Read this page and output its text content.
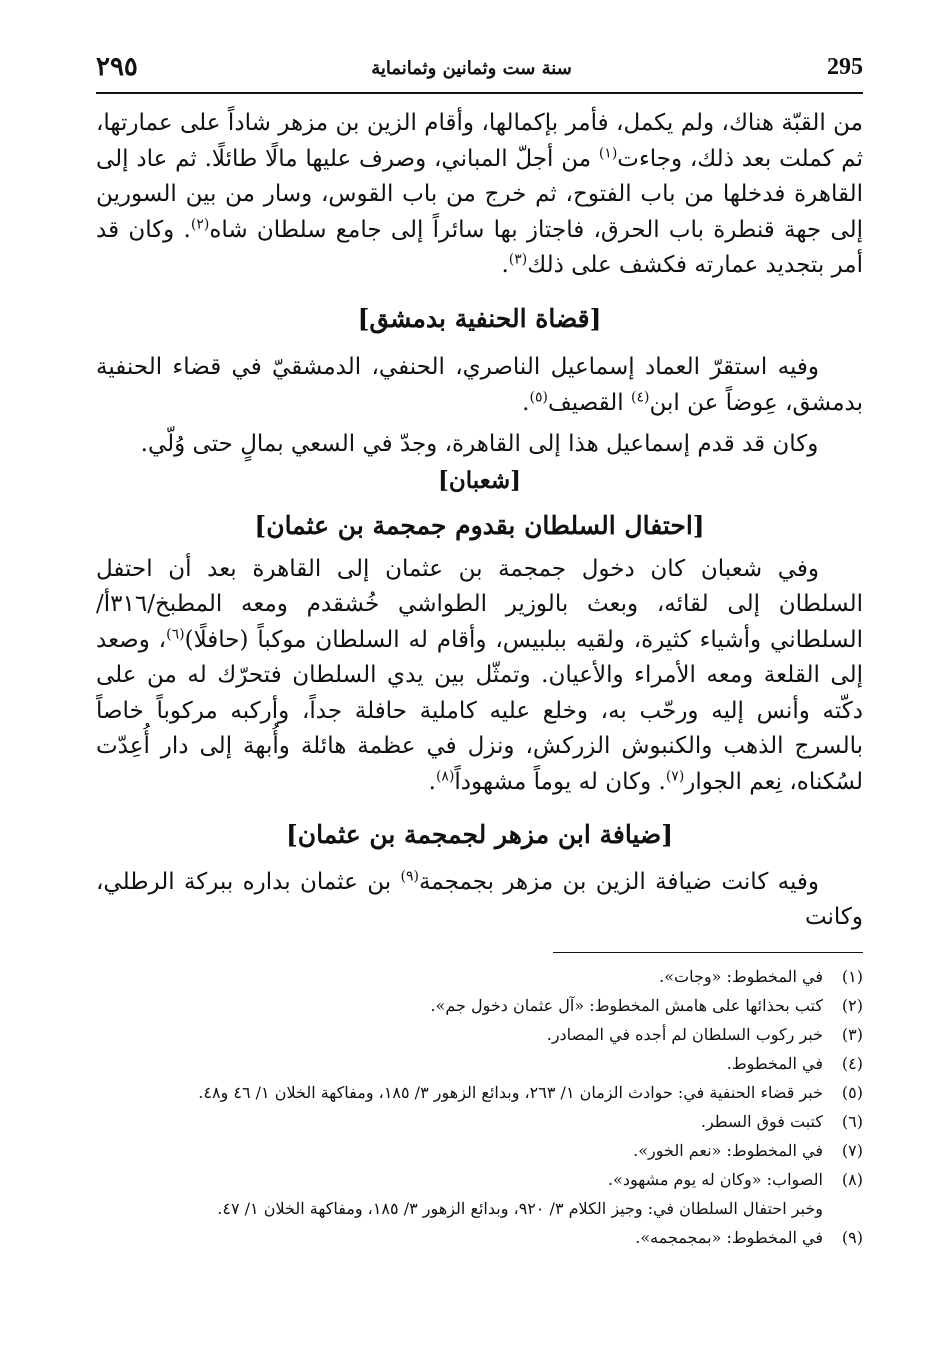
٢٩٥	سنة ست وثمانين وثمانماية	295

من القبّة هناك، ولم يكمل، فأمر بإكمالها، وأقام الزين بن مزهر شاداً على عمارتها، ثم كملت بعد ذلك، وجاءت$^{(١)}$ من أجلّ المباني، وصرف عليها مالًا طائلًا. ثم عاد إلى القاهرة فدخلها من باب الفتوح، ثم خرج من باب القوس، وسار من بين السورين إلى جهة قنطرة باب الحرق، فاجتاز بها سائراً إلى جامع سلطان شاه$^{(٢)}$. وكان قد أمر بتجديد عمارته فكشف على ذلك$^{(٣)}$.

[قضاة الحنفية بدمشق]

وفيه استقرّ العماد إسماعيل الناصري، الحنفي، الدمشقيّ في قضاء الحنفية بدمشق، عِوضاً عن ابن$^{(٤)}$ القصيف$^{(٥)}$.

وكان قد قدم إسماعيل هذا إلى القاهرة، وجدّ في السعي بمالٍ حتى وُلّي.

[شعبان]
[احتفال السلطان بقدوم جمجمة بن عثمان]

وفي شعبان كان دخول جمجمة بن عثمان إلى القاهرة بعد أن احتفل السلطان إلى لقائه، وبعث بالوزير الطواشي خُشقدم ومعه المطبخ/٣١٦أ/السلطاني وأشياء كثيرة، ولقيه ببلبيس، وأقام له السلطان موكباً (حافلًا)$^{(٦)}$، وصعد إلى القلعة ومعه الأمراء والأعيان. وتمثّل بين يدي السلطان فتحرّك له من على دكّته وأنس إليه ورحّب به، وخلع عليه كاملية حافلة جداً، وأركبه مركوباً خاصاً بالسرج الذهب والكنبوش الزركش، ونزل في عظمة هائلة وأُبهة إلى دار أُعِدّت لسُكناه، نِعم الجوار$^{(٧)}$. وكان له يوماً مشهوداً$^{(٨)}$.

[ضيافة ابن مزهر لجمجمة بن عثمان]

وفيه كانت ضيافة الزين بن مزهر بجمجمة$^{(٩)}$ بن عثمان بداره ببركة الرطلي، وكانت

(١)
في المخطوط: «وجات».
(٢)
كتب بحذائها على هامش المخطوط: «آل عثمان دخول جم».
(٣)
خبر ركوب السلطان لم أجده في المصادر.
(٤)
في المخطوط.
(٥)
خبر قضاء الحنفية في: حوادث الزمان ١/ ٢٦٣، وبدائع الزهور ٣/ ١٨٥، ومفاكهة الخلان ١/ ٤٦ و٤٨.
(٦)
كتبت فوق السطر.
(٧)
في المخطوط: «نعم الخور».
(٨)
الصواب: «وكان له يوم مشهود».
وخبر احتفال السلطان في: وجيز الكلام ٣/ ٩٢٠، وبدائع الزهور ٣/ ١٨٥، ومفاكهة الخلان ١/ ٤٧.
(٩)
في المخطوط: «بمجمجمه».
